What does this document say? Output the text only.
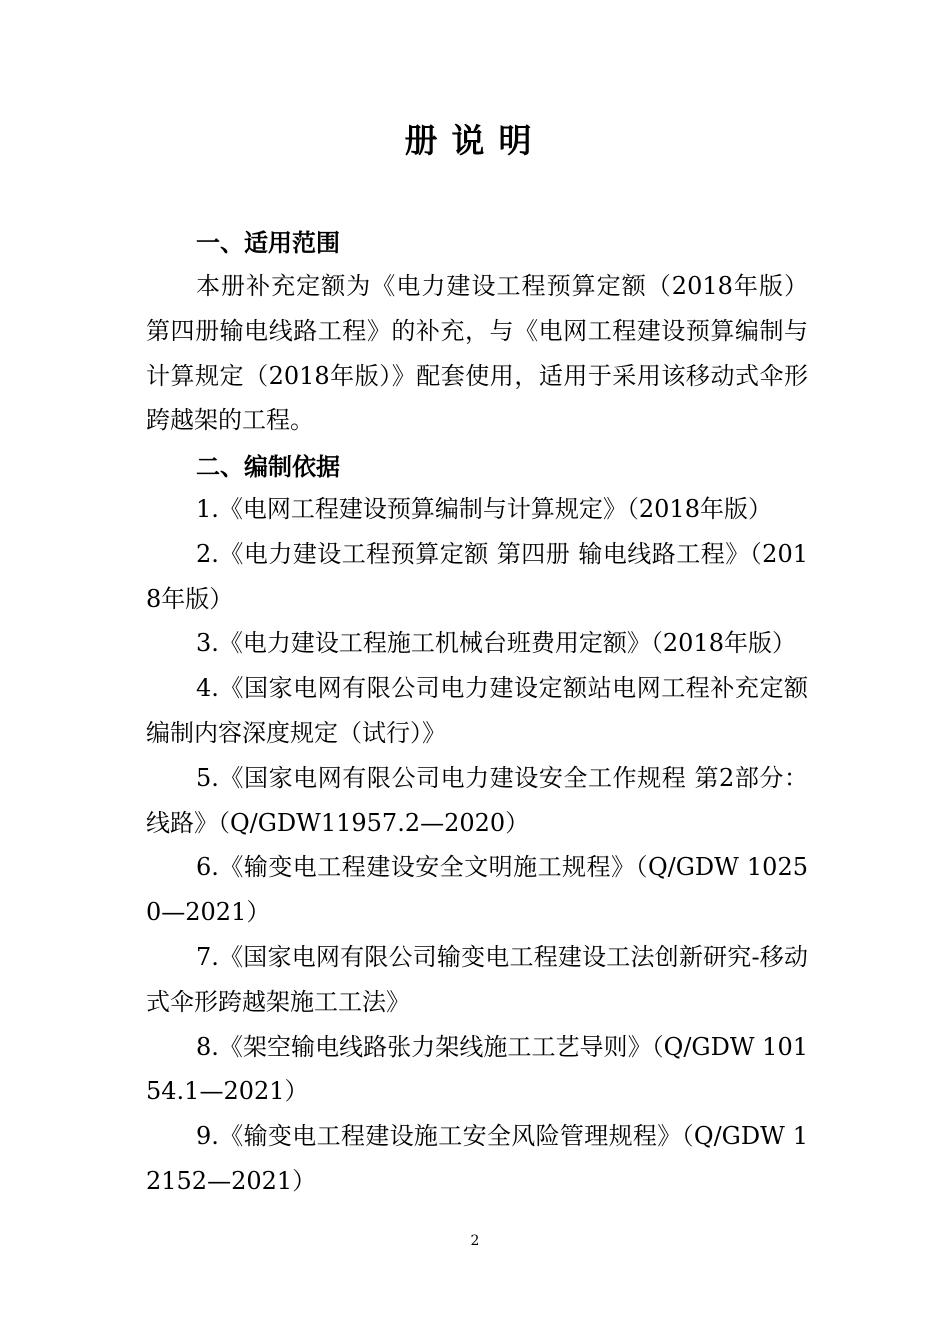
册说明
一、适用范围
本册补充定额为《电力建设工程预算定额（2018年版）第四册输电线路工程》的补充，与《电网工程建设预算编制与计算规定（2018年版）》配套使用，适用于采用该移动式伞形跨越架的工程。
二、编制依据
1.《电网工程建设预算编制与计算规定》（2018年版）
2.《电力建设工程预算定额 第四册 输电线路工程》（2018年版）
3.《电力建设工程施工机械台班费用定额》（2018年版）
4.《国家电网有限公司电力建设定额站电网工程补充定额编制内容深度规定（试行）》
5.《国家电网有限公司电力建设安全工作规程 第2部分：线路》（Q/GDW11957.2—2020）
6.《输变电工程建设安全文明施工规程》（Q/GDW 10250—2021）
7.《国家电网有限公司输变电工程建设工法创新研究-移动式伞形跨越架施工工法》
8.《架空输电线路张力架线施工工艺导则》（Q/GDW 10154.1—2021）
9.《输变电工程建设施工安全风险管理规程》（Q/GDW 12152—2021）
2
